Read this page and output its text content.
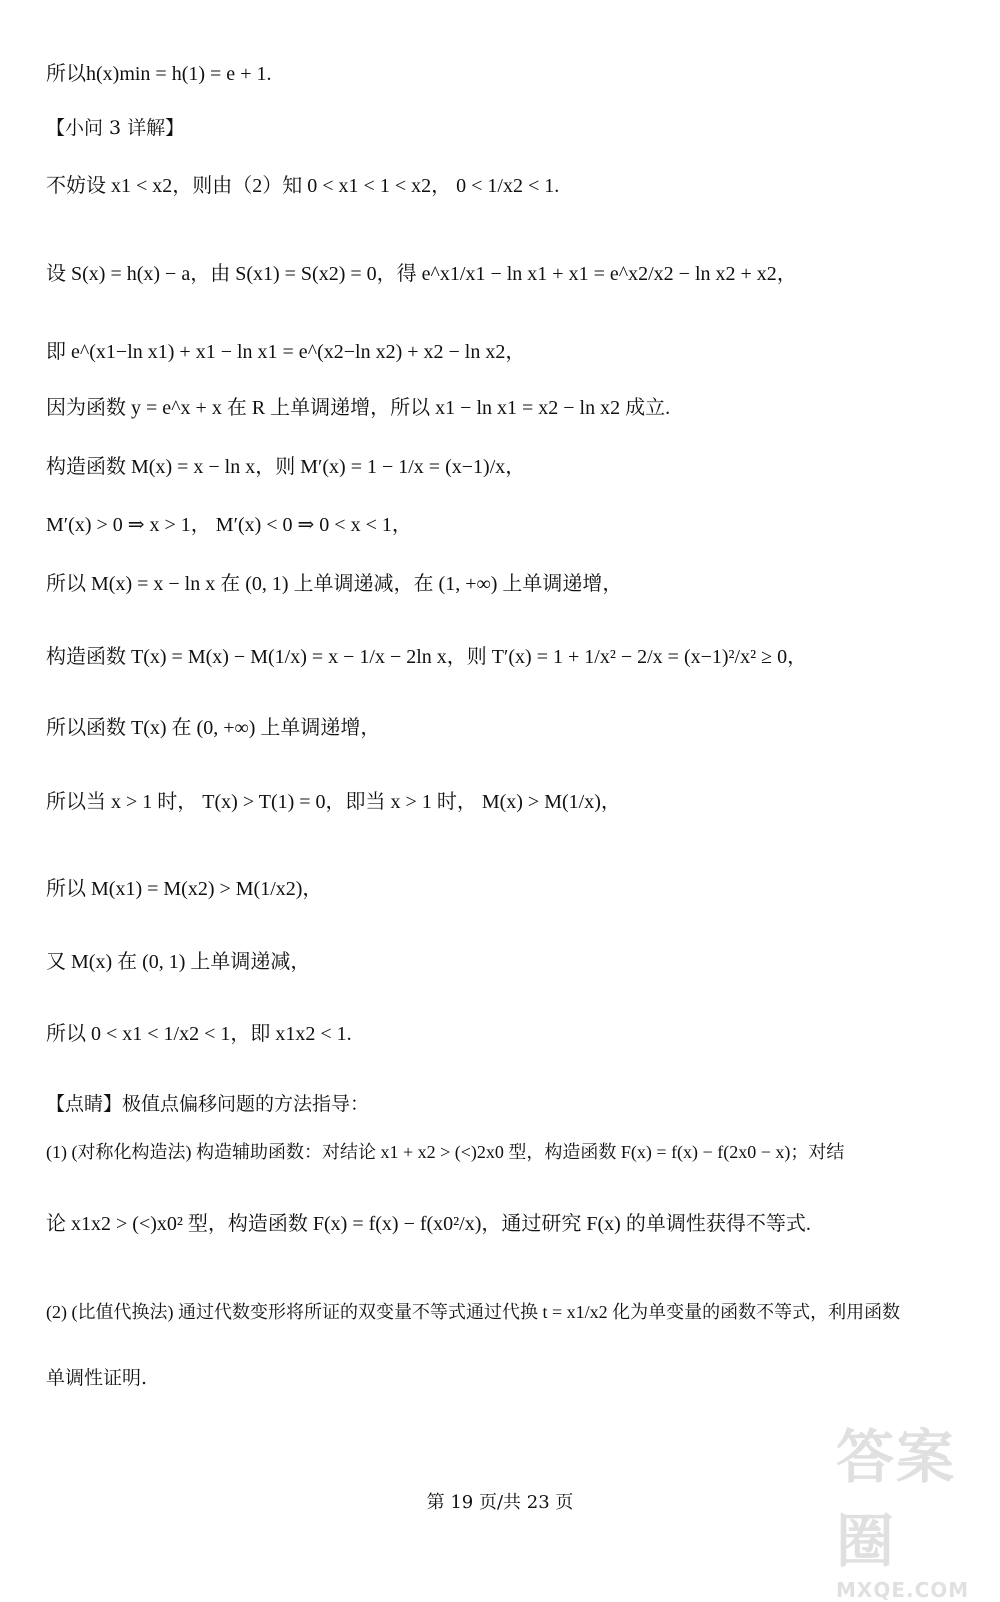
所以h(x)min = h(1) = e + 1.
【小问 3 详解】
不妨设 x1 < x2，则由（2）知 0 < x1 < 1 < x2， 0 < 1/x2 < 1.
设 S(x) = h(x) − a，由 S(x1) = S(x2) = 0，得 e^x1/x1 − ln x1 + x1 = e^x2/x2 − ln x2 + x2，
即 e^(x1−ln x1) + x1 − ln x1 = e^(x2−ln x2) + x2 − ln x2，
因为函数 y = e^x + x 在 R 上单调递增，所以 x1 − ln x1 = x2 − ln x2 成立.
构造函数 M(x) = x − ln x，则 M′(x) = 1 − 1/x = (x−1)/x，
M′(x) > 0 ⇒ x > 1， M′(x) < 0 ⇒ 0 < x < 1，
所以 M(x) = x − ln x 在 (0, 1) 上单调递减，在 (1, +∞) 上单调递增，
构造函数 T(x) = M(x) − M(1/x) = x − 1/x − 2ln x，则 T′(x) = 1 + 1/x² − 2/x = (x−1)²/x² ≥ 0，
所以函数 T(x) 在 (0, +∞) 上单调递增，
所以当 x > 1 时， T(x) > T(1) = 0，即当 x > 1 时， M(x) > M(1/x)，
所以 M(x1) = M(x2) > M(1/x2)，
又 M(x) 在 (0, 1) 上单调递减，
所以 0 < x1 < 1/x2 < 1，即 x1x2 < 1.
【点睛】极值点偏移问题的方法指导：
(1) (对称化构造法) 构造辅助函数：对结论 x1 + x2 > (<)2x0 型，构造函数 F(x) = f(x) − f(2x0 − x)；对结
论 x1x2 > (<)x0² 型，构造函数 F(x) = f(x) − f(x0²/x)，通过研究 F(x) 的单调性获得不等式.
(2) (比值代换法) 通过代数变形将所证的双变量不等式通过代换 t = x1/x2 化为单变量的函数不等式，利用函数
单调性证明.
第 19 页/共 23 页
答案圈
MXQE.COM
